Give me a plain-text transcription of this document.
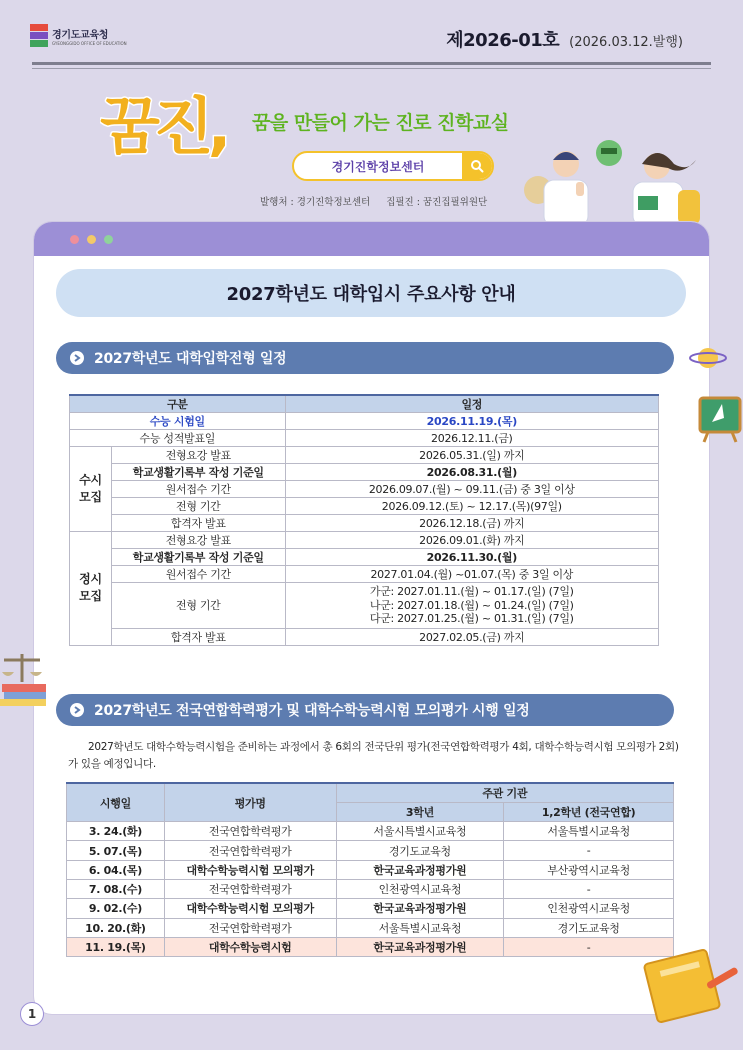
경기도교육청
GYEONGGIDO OFFICE OF EDUCATION	제2026-01호 (2026.03.12.발행)
꿈진, 꿈을 만들어 가는 진로 진학교실
경기진학정보센터
발행처 : 경기진학정보센터 집필진 : 꿈진집필위원단
2027학년도 대학입시 주요사항 안내
2027학년도 대학입학전형 일정
구분		일정
수능 시험일		2026.11.19.(목)
수능 성적발표일		2026.12.11.(금)
수시
모집	전형요강 발표	2026.05.31.(일) 까지
	학교생활기록부 작성 기준일	2026.08.31.(월)
	원서접수 기간	2026.09.07.(월) ~ 09.11.(금) 중 3일 이상
	전형 기간	2026.09.12.(토) ~ 12.17.(목)(97일)
	합격자 발표	2026.12.18.(금) 까지
정시
모집	전형요강 발표	2026.09.01.(화) 까지
	학교생활기록부 작성 기준일	2026.11.30.(월)
	원서접수 기간	2027.01.04.(월) ~01.07.(목) 중 3일 이상
	전형 기간	가군: 2027.01.11.(월) ~ 01.17.(일) (7일)
나군: 2027.01.18.(월) ~ 01.24.(일) (7일)
다군: 2027.01.25.(월) ~ 01.31.(일) (7일)

	합격자 발표	2027.02.05.(금) 까지
2027학년도 전국연합학력평가 및 대학수학능력시험 모의평가 시행 일정

2027학년도 대학수학능력시험을 준비하는 과정에서 총 6회의 전국단위 평가(전국연합학력평가 4회, 대학수학능력시험 모의평가 2회)가 있을 예정입니다.

시행일	평가명	주관 기관	
		3학년	1,2학년 (전국연합)
3. 24.(화)	전국연합학력평가	서울시특별시교육청	서울특별시교육청
5. 07.(목)	전국연합학력평가	경기도교육청	-
6. 04.(목)	대학수학능력시험 모의평가	한국교육과정평가원	부산광역시교육청
7. 08.(수)	전국연합학력평가	인천광역시교육청	-
9. 02.(수)	대학수학능력시험 모의평가	한국교육과정평가원	인천광역시교육청
10. 20.(화)	전국연합학력평가	서울특별시교육청	경기도교육청
11. 19.(목)	대학수학능력시험	한국교육과정평가원	-
1
